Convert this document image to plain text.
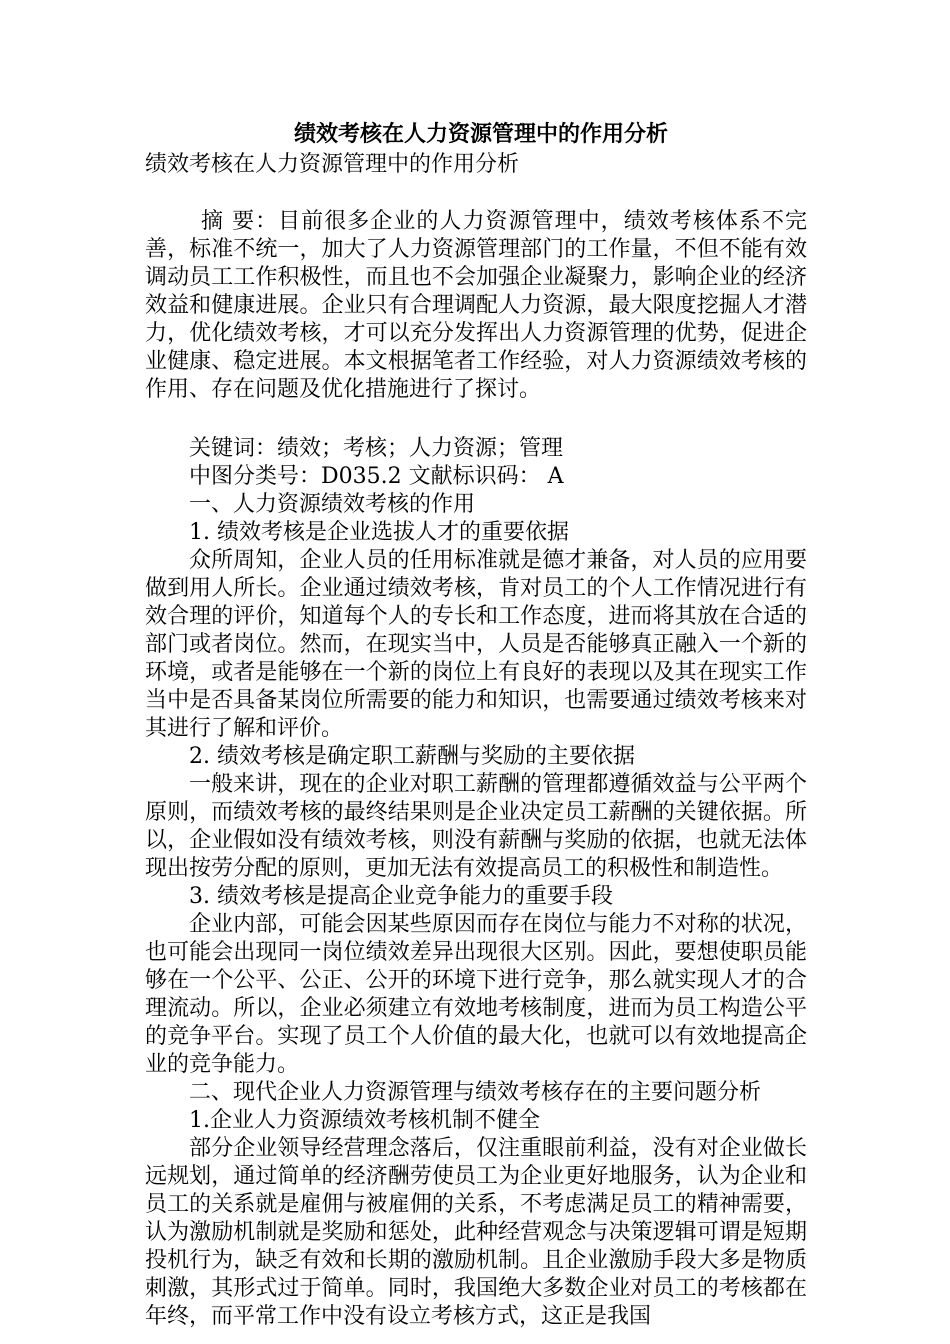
绩效考核在人力资源管理中的作用分析

绩效考核在人力资源管理中的作用分析

摘 要：目前很多企业的人力资源管理中，绩效考核体系不完善，标准不统一，加大了人力资源管理部门的工作量，不但不能有效调动员工工作积极性，而且也不会加强企业凝聚力，影响企业的经济效益和健康进展。企业只有合理调配人力资源，最大限度挖掘人才潜力，优化绩效考核，才可以充分发挥出人力资源管理的优势，促进企业健康、稳定进展。本文根据笔者工作经验，对人力资源绩效考核的作用、存在问题及优化措施进行了探讨。

关键词：绩效；考核；人力资源；管理

中图分类号：D035.2 文献标识码： A

一、人力资源绩效考核的作用

1. 绩效考核是企业选拔人才的重要依据

众所周知，企业人员的任用标准就是德才兼备，对人员的应用要做到用人所长。企业通过绩效考核，肯对员工的个人工作情况进行有效合理的评价，知道每个人的专长和工作态度，进而将其放在合适的部门或者岗位。然而，在现实当中，人员是否能够真正融入一个新的环境，或者是能够在一个新的岗位上有良好的表现以及其在现实工作当中是否具备某岗位所需要的能力和知识，也需要通过绩效考核来对其进行了解和评价。

2. 绩效考核是确定职工薪酬与奖励的主要依据

一般来讲，现在的企业对职工薪酬的管理都遵循效益与公平两个原则，而绩效考核的最终结果则是企业决定员工薪酬的关键依据。所以，企业假如没有绩效考核，则没有薪酬与奖励的依据，也就无法体现出按劳分配的原则，更加无法有效提高员工的积极性和制造性。

3. 绩效考核是提高企业竞争能力的重要手段

企业内部，可能会因某些原因而存在岗位与能力不对称的状况，也可能会出现同一岗位绩效差异出现很大区别。因此，要想使职员能够在一个公平、公正、公开的环境下进行竞争，那么就实现人才的合理流动。所以，企业必须建立有效地考核制度，进而为员工构造公平的竞争平台。实现了员工个人价值的最大化，也就可以有效地提高企业的竞争能力。

二、现代企业人力资源管理与绩效考核存在的主要问题分析

1.企业人力资源绩效考核机制不健全

部分企业领导经营理念落后，仅注重眼前利益，没有对企业做长远规划，通过简单的经济酬劳使员工为企业更好地服务，认为企业和员工的关系就是雇佣与被雇佣的关系，不考虑满足员工的精神需要，认为激励机制就是奖励和惩处，此种经营观念与决策逻辑可谓是短期投机行为，缺乏有效和长期的激励机制。且企业激励手段大多是物质刺激，其形式过于简单。同时，我国绝大多数企业对员工的考核都在年终，而平常工作中没有设立考核方式，这正是我国
